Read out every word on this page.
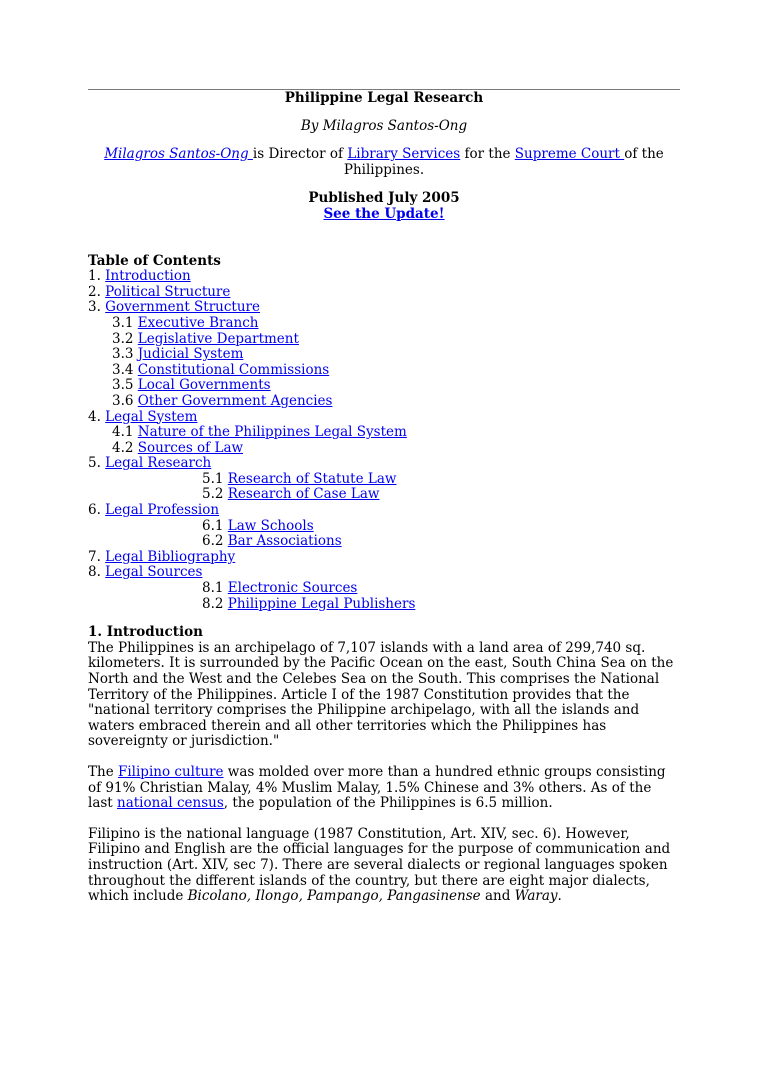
Philippine Legal Research
By Milagros Santos-Ong
Milagros Santos-Ong is Director of Library Services for the Supreme Court of the Philippines.
Published July 2005
See the Update!
Table of Contents
1. Introduction
2. Political Structure
3. Government Structure
3.1 Executive Branch
3.2 Legislative Department
3.3 Judicial System
3.4 Constitutional Commissions
3.5 Local Governments
3.6 Other Government Agencies
4. Legal System
4.1 Nature of the Philippines Legal System
4.2 Sources of Law
5. Legal Research
5.1 Research of Statute Law
5.2 Research of Case Law
6. Legal Profession
6.1 Law Schools
6.2 Bar Associations
7. Legal Bibliography
8. Legal Sources
8.1 Electronic Sources
8.2 Philippine Legal Publishers
1. Introduction

The Philippines is an archipelago of 7,107 islands with a land area of 299,740 sq. kilometers. It is surrounded by the Pacific Ocean on the east, South China Sea on the North and the West and the Celebes Sea on the South. This comprises the National Territory of the Philippines. Article I of the 1987 Constitution provides that the "national territory comprises the Philippine archipelago, with all the islands and waters embraced therein and all other territories which the Philippines has sovereignty or jurisdiction."

The Filipino culture was molded over more than a hundred ethnic groups consisting of 91% Christian Malay, 4% Muslim Malay, 1.5% Chinese and 3% others. As of the last national census, the population of the Philippines is 6.5 million.

Filipino is the national language (1987 Constitution, Art. XIV, sec. 6). However, Filipino and English are the official languages for the purpose of communication and instruction (Art. XIV, sec 7). There are several dialects or regional languages spoken throughout the different islands of the country, but there are eight major dialects, which include Bicolano, Ilongo, Pampango, Pangasinense and Waray.
